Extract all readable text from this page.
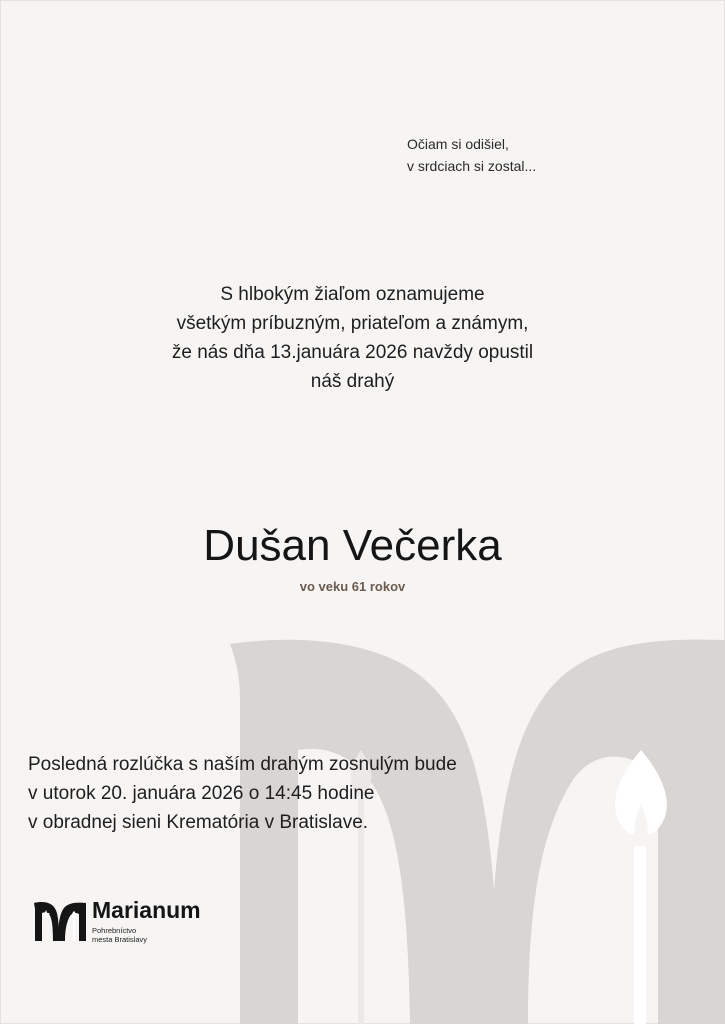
Očiam si odišiel,
v srdciach si zostal...
S hlbokým žiaľom oznamujeme
všetkým príbuzným, priateľom a známym,
že nás dňa 13.januára 2026 navždy opustil
náš drahý
Dušan Večerka
vo veku 61 rokov
Posledná rozlúčka s naším drahým zosnulým bude
v utorok 20. januára 2026 o 14:45 hodine
v obradnej sieni Krematória v Bratislave.
Marianum
Pohrebníctvo
mesta Bratislavy
